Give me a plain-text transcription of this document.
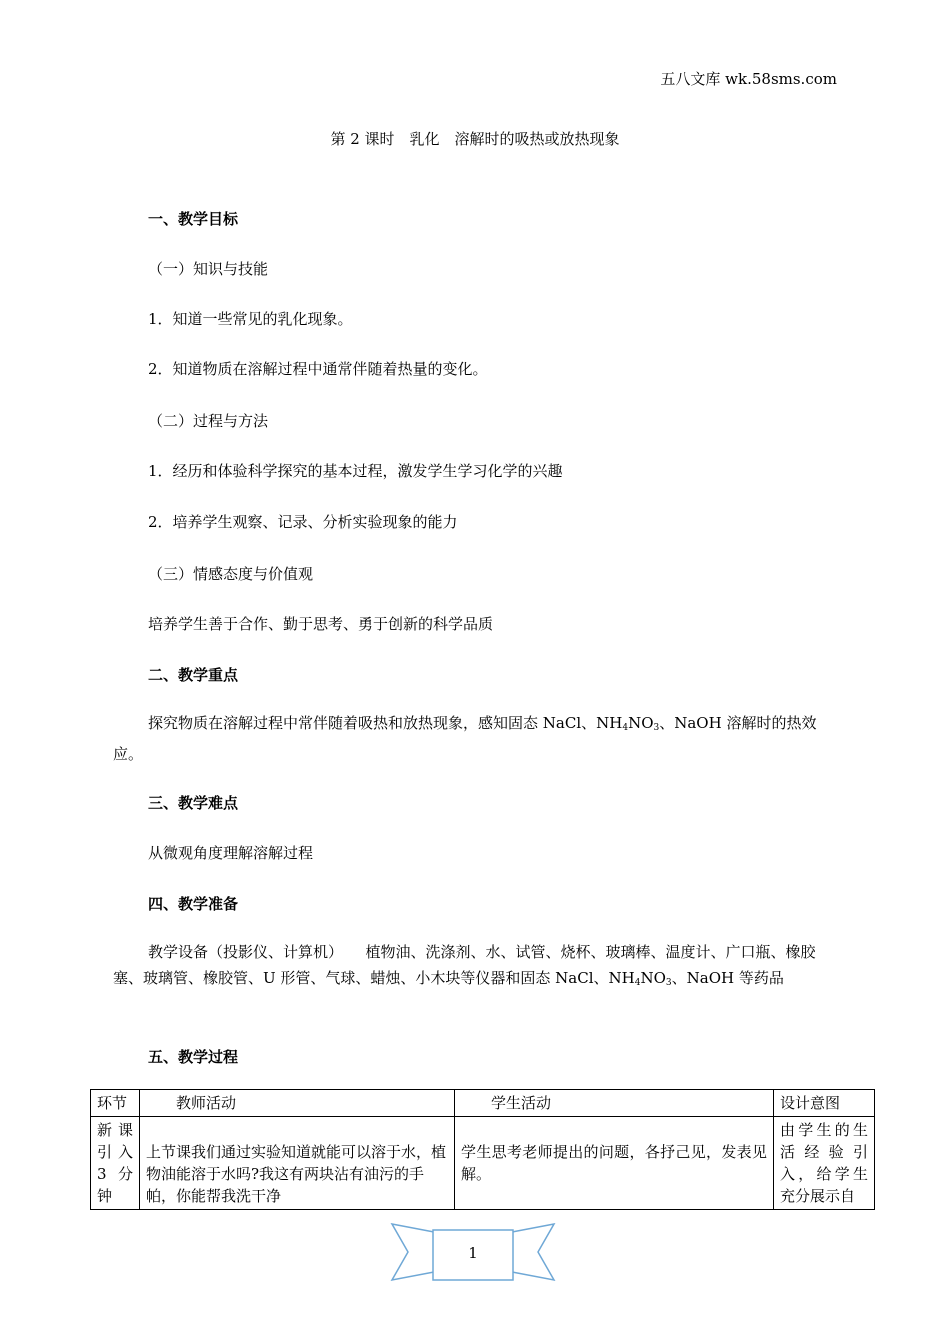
五八文库 wk.58sms.com
第 2 课时　乳化　溶解时的吸热或放热现象
一、教学目标
（一）知识与技能
1．知道一些常见的乳化现象。
2．知道物质在溶解过程中通常伴随着热量的变化。
（二）过程与方法
1．经历和体验科学探究的基本过程，激发学生学习化学的兴趣
2．培养学生观察、记录、分析实验现象的能力
（三）情感态度与价值观
培养学生善于合作、勤于思考、勇于创新的科学品质
二、教学重点
探究物质在溶解过程中常伴随着吸热和放热现象，感知固态 NaCl、$NH_4NO_3$、NaOH 溶解时的热效应。
三、教学难点
从微观角度理解溶解过程
四、教学准备
教学设备（投影仪、计算机）　　植物油、洗涤剂、水、试管、烧杯、玻璃棒、温度计、广口瓶、橡胶塞、玻璃管、橡胶管、U 形管、气球、蜡烛、小木块等仪器和固态 NaCl、$NH_4NO_3$、NaOH 等药品
五、教学过程
环节	教师活动	学生活动	设计意图
新课引入 3 分钟	上节课我们通过实验知道就能可以溶于水，植物油能溶于水吗?我这有两块沾有油污的手帕，你能帮我洗干净	学生思考老师提出的问题，各抒己见，发表见解。	由学生的生活经验引入，给学生充分展示自
1
